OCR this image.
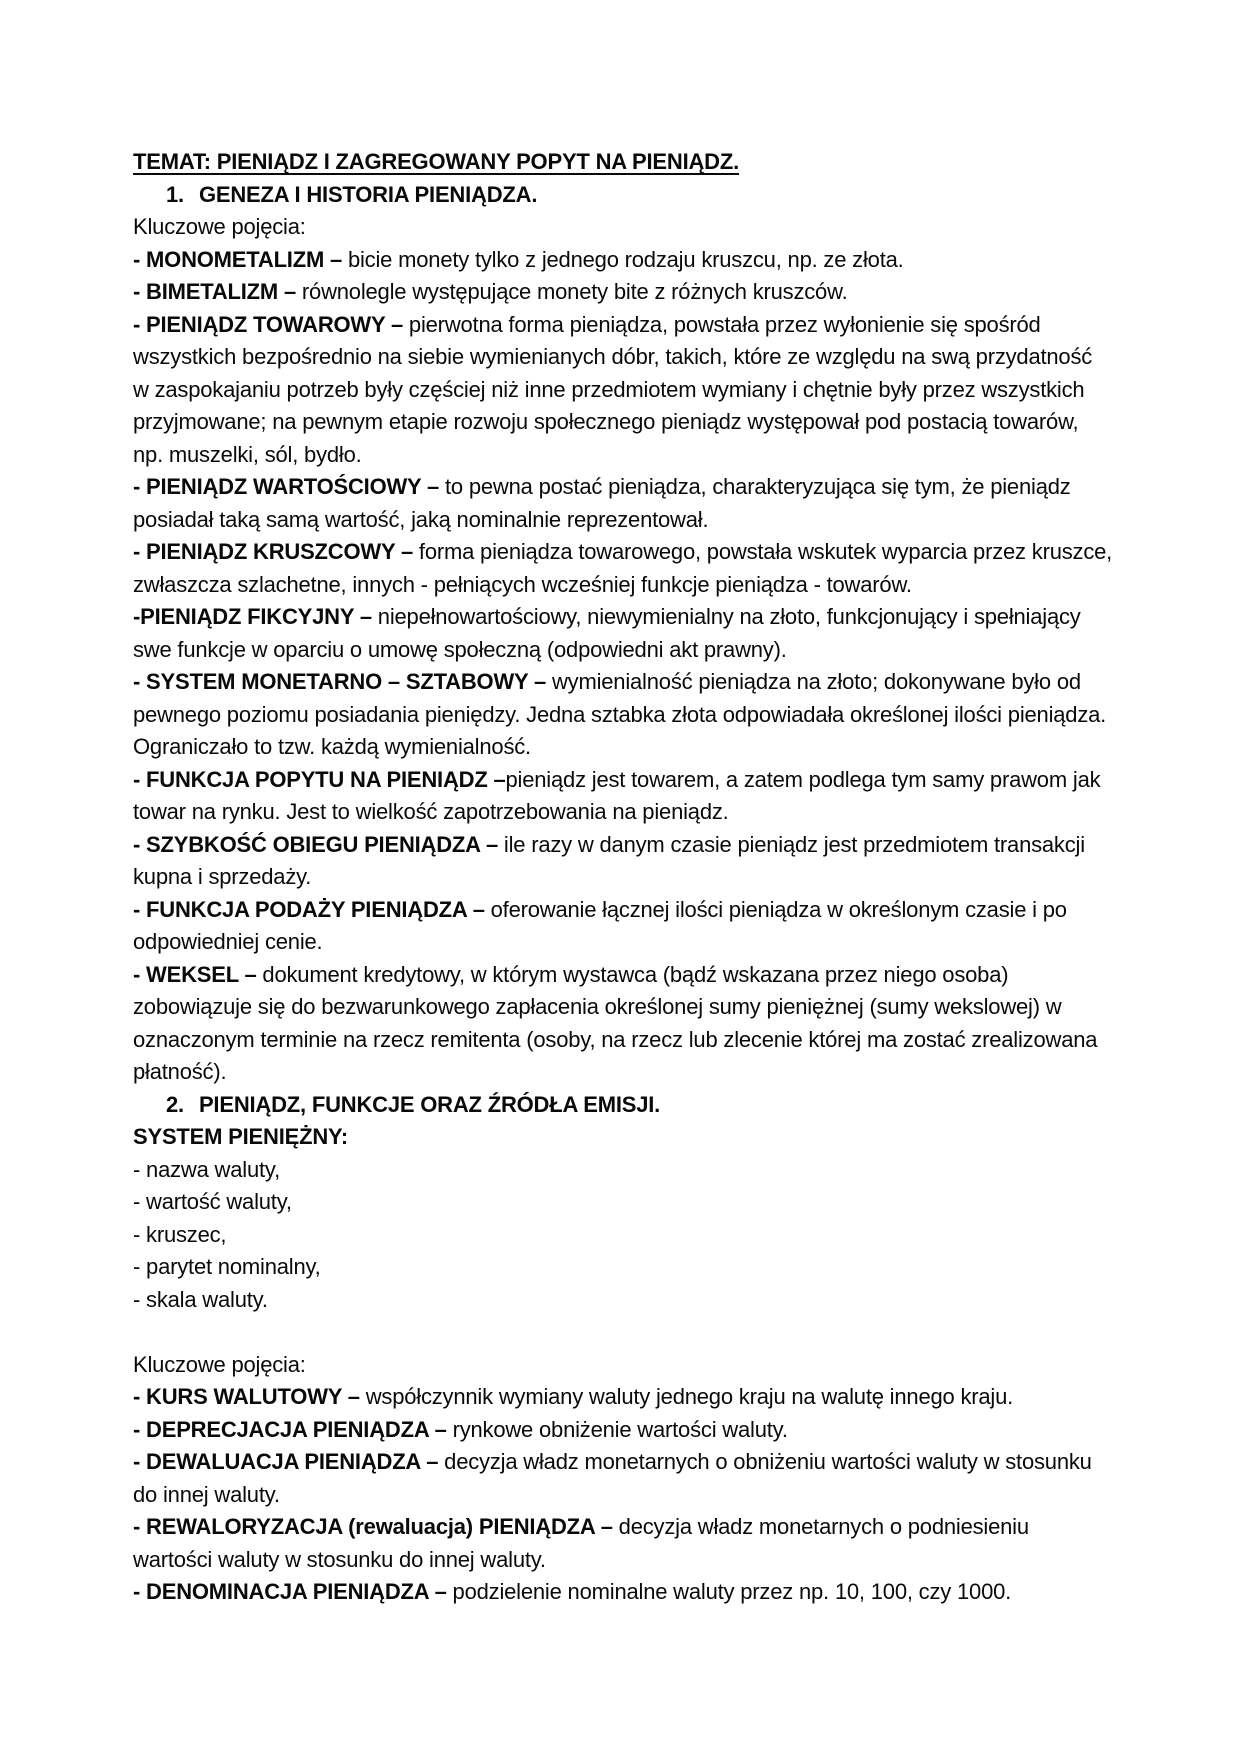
TEMAT: PIENIĄDZ I ZAGREGOWANY POPYT NA PIENIĄDZ.

1. GENEZA I HISTORIA PIENIĄDZA.

Kluczowe pojęcia:

- MONOMETALIZM – bicie monety tylko z jednego rodzaju kruszcu, np. ze złota.

- BIMETALIZM – równolegle występujące monety bite z różnych kruszców.

- PIENIĄDZ TOWAROWY – pierwotna forma pieniądza, powstała przez wyłonienie się spośród wszystkich bezpośrednio na siebie wymienianych dóbr, takich, które ze względu na swą przydatność w zaspokajaniu potrzeb były częściej niż inne przedmiotem wymiany i chętnie były przez wszystkich przyjmowane; na pewnym etapie rozwoju społecznego pieniądz występował pod postacią towarów, np. muszelki, sól, bydło.

- PIENIĄDZ WARTOŚCIOWY – to pewna postać pieniądza, charakteryzująca się tym, że pieniądz posiadał taką samą wartość, jaką nominalnie reprezentował.

- PIENIĄDZ KRUSZCOWY – forma pieniądza towarowego, powstała wskutek wyparcia przez kruszce, zwłaszcza szlachetne, innych - pełniących wcześniej funkcje pieniądza - towarów.

-PIENIĄDZ FIKCYJNY – niepełnowartościowy, niewymienialny na złoto, funkcjonujący i spełniający swe funkcje w oparciu o umowę społeczną (odpowiedni akt prawny).

- SYSTEM MONETARNO – SZTABOWY – wymienialność pieniądza na złoto; dokonywane było od pewnego poziomu posiadania pieniędzy. Jedna sztabka złota odpowiadała określonej ilości pieniądza. Ograniczało to tzw. każdą wymienialność.

- FUNKCJA POPYTU NA PIENIĄDZ –pieniądz jest towarem, a zatem podlega tym samy prawom jak towar na rynku. Jest to wielkość zapotrzebowania na pieniądz.

- SZYBKOŚĆ OBIEGU PIENIĄDZA – ile razy w danym czasie pieniądz jest przedmiotem transakcji kupna i sprzedaży.

- FUNKCJA PODAŻY PIENIĄDZA – oferowanie łącznej ilości pieniądza w określonym czasie i po odpowiedniej cenie.

- WEKSEL – dokument kredytowy, w którym wystawca (bądź wskazana przez niego osoba) zobowiązuje się do bezwarunkowego zapłacenia określonej sumy pieniężnej (sumy wekslowej) w oznaczonym terminie na rzecz remitenta (osoby, na rzecz lub zlecenie której ma zostać zrealizowana płatność).

2. PIENIĄDZ, FUNKCJE ORAZ ŹRÓDŁA EMISJI.

SYSTEM PIENIĘŻNY:

- nazwa waluty,

- wartość waluty,

- kruszec,

- parytet nominalny,

- skala waluty.

Kluczowe pojęcia:

- KURS WALUTOWY – współczynnik wymiany waluty jednego kraju na walutę innego kraju.

- DEPRECJACJA PIENIĄDZA – rynkowe obniżenie wartości waluty.

- DEWALUACJA PIENIĄDZA – decyzja władz monetarnych o obniżeniu wartości waluty w stosunku do innej waluty.

- REWALORYZACJA (rewaluacja) PIENIĄDZA – decyzja władz monetarnych o podniesieniu wartości waluty w stosunku do innej waluty.

- DENOMINACJA PIENIĄDZA – podzielenie nominalne waluty przez np. 10, 100, czy 1000.
